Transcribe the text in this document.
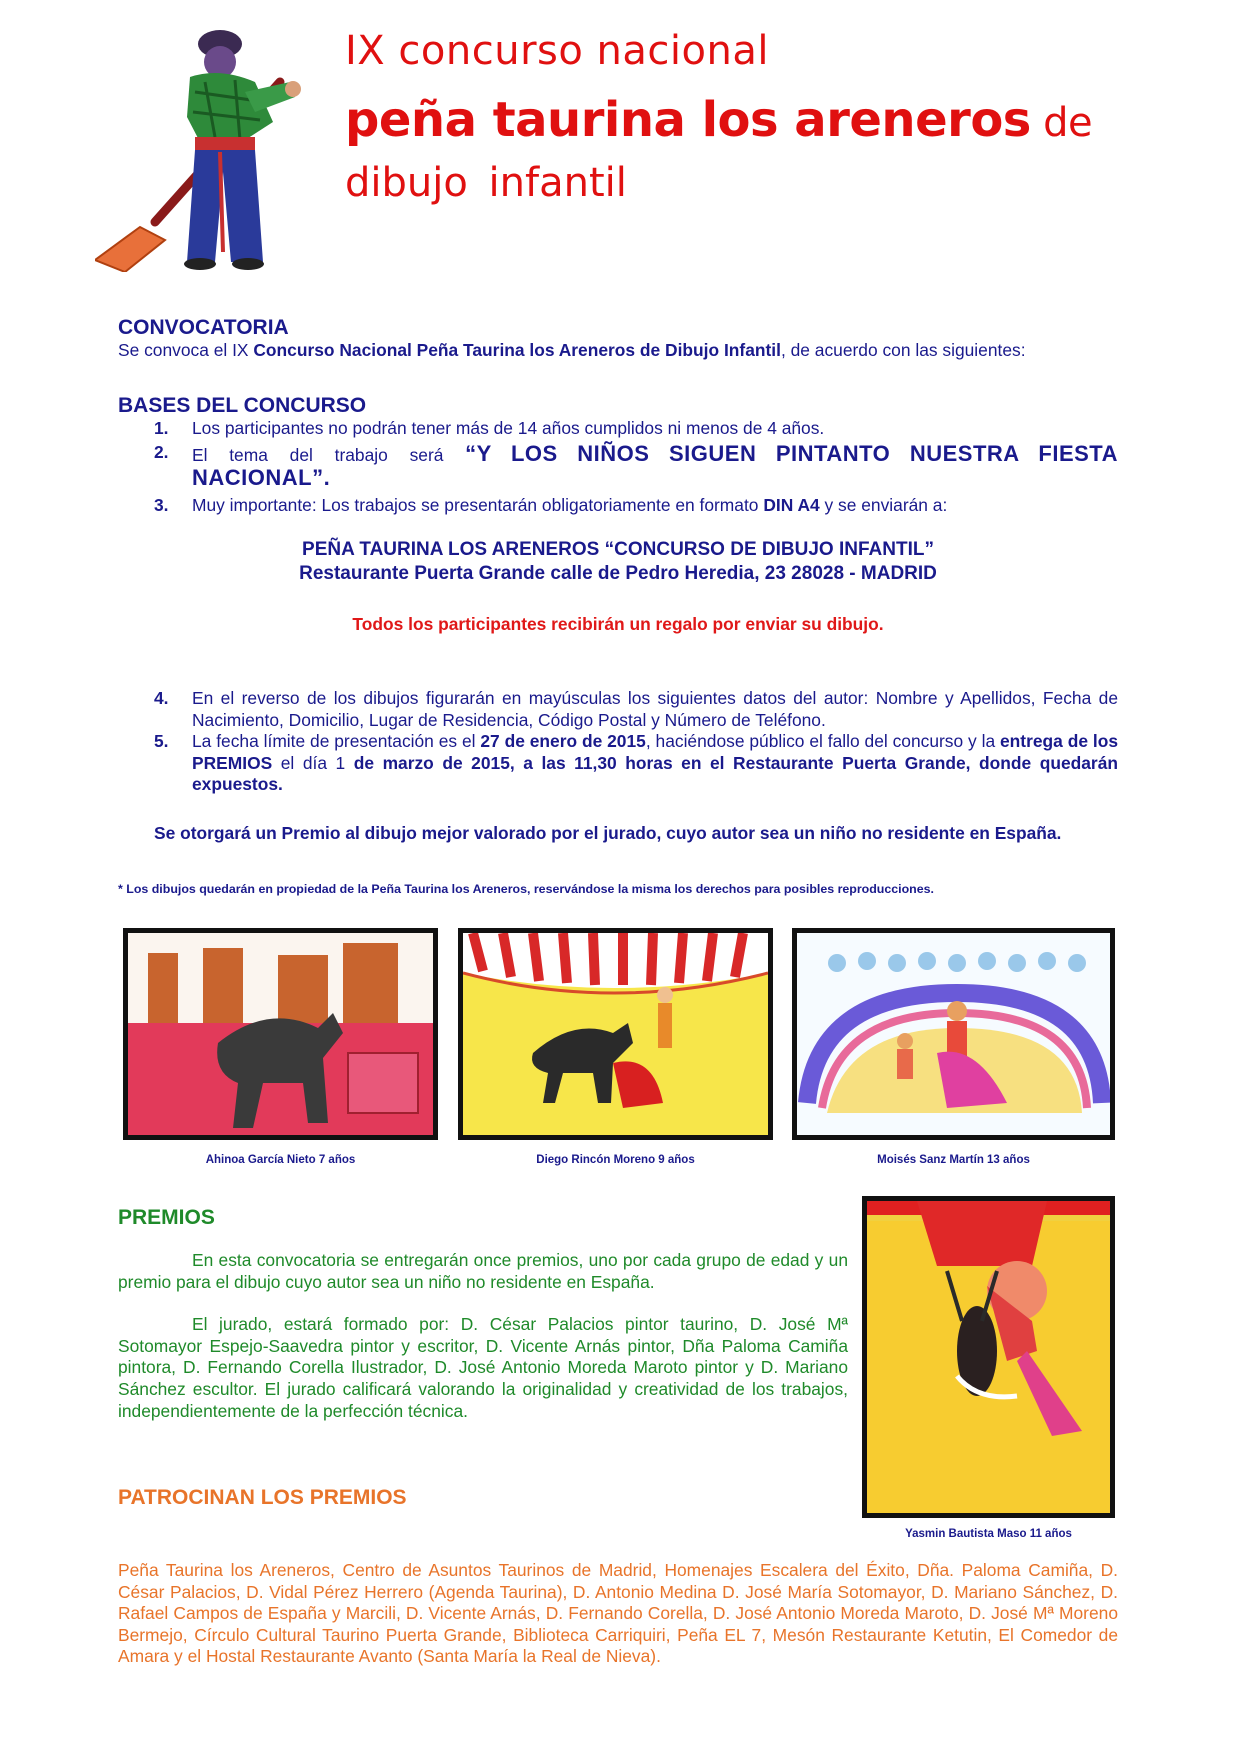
IX concurso nacional
peña taurina los areneros de
dibujo infantil
CONVOCATORIA

Se convoca el IX Concurso Nacional Peña Taurina los Areneros de Dibujo Infantil, de acuerdo con las siguientes:

BASES DEL CONCURSO
1. Los participantes no podrán tener más de 14 años cumplidos ni menos de 4 años.
2. El tema del trabajo será “Y LOS NIÑOS SIGUEN PINTANTO NUESTRA FIESTA NACIONAL”.
3. Muy importante: Los trabajos se presentarán obligatoriamente en formato DIN A4 y se enviarán a:
PEÑA TAURINA LOS ARENEROS “CONCURSO DE DIBUJO INFANTIL”
Restaurante Puerta Grande calle de Pedro Heredia, 23 28028 - MADRID
Todos los participantes recibirán un regalo por enviar su dibujo.
4. En el reverso de los dibujos figurarán en mayúsculas los siguientes datos del autor: Nombre y Apellidos, Fecha de Nacimiento, Domicilio, Lugar de Residencia, Código Postal y Número de Teléfono.
5. La fecha límite de presentación es el 27 de enero de 2015, haciéndose público el fallo del concurso y la entrega de los PREMIOS el día 1 de marzo de 2015, a las 11,30 horas en el Restaurante Puerta Grande, donde quedarán expuestos.
Se otorgará un Premio al dibujo mejor valorado por el jurado, cuyo autor sea un niño no residente en España.
* Los dibujos quedarán en propiedad de la Peña Taurina los Areneros, reservándose la misma los derechos para posibles reproducciones.
Ahinoa García Nieto 7 años	Diego Rincón Moreno 9 años	Moisés Sanz Martín 13 años
PREMIOS

En esta convocatoria se entregarán once premios, uno por cada grupo de edad y un premio para el dibujo cuyo autor sea un niño no residente en España.

El jurado, estará formado por: D. César Palacios pintor taurino, D. José Mª Sotomayor Espejo-Saavedra pintor y escritor, D. Vicente Arnás pintor, Dña Paloma Camiña pintora, D. Fernando Corella Ilustrador, D. José Antonio Moreda Maroto pintor y D. Mariano Sánchez escultor. El jurado calificará valorando la originalidad y creatividad de los trabajos, independientemente de la perfección técnica.

Yasmin Bautista Maso 11 años
PATROCINAN LOS PREMIOS

Peña Taurina los Areneros, Centro de Asuntos Taurinos de Madrid, Homenajes Escalera del Éxito, Dña. Paloma Camiña, D. César Palacios, D. Vidal Pérez Herrero (Agenda Taurina), D. Antonio Medina D. José María Sotomayor, D. Mariano Sánchez, D. Rafael Campos de España y Marcili, D. Vicente Arnás, D. Fernando Corella, D. José Antonio Moreda Maroto, D. José Mª Moreno Bermejo, Círculo Cultural Taurino Puerta Grande, Biblioteca Carriquiri, Peña EL 7, Mesón Restaurante Ketutin, El Comedor de Amara y el Hostal Restaurante Avanto (Santa María la Real de Nieva).
